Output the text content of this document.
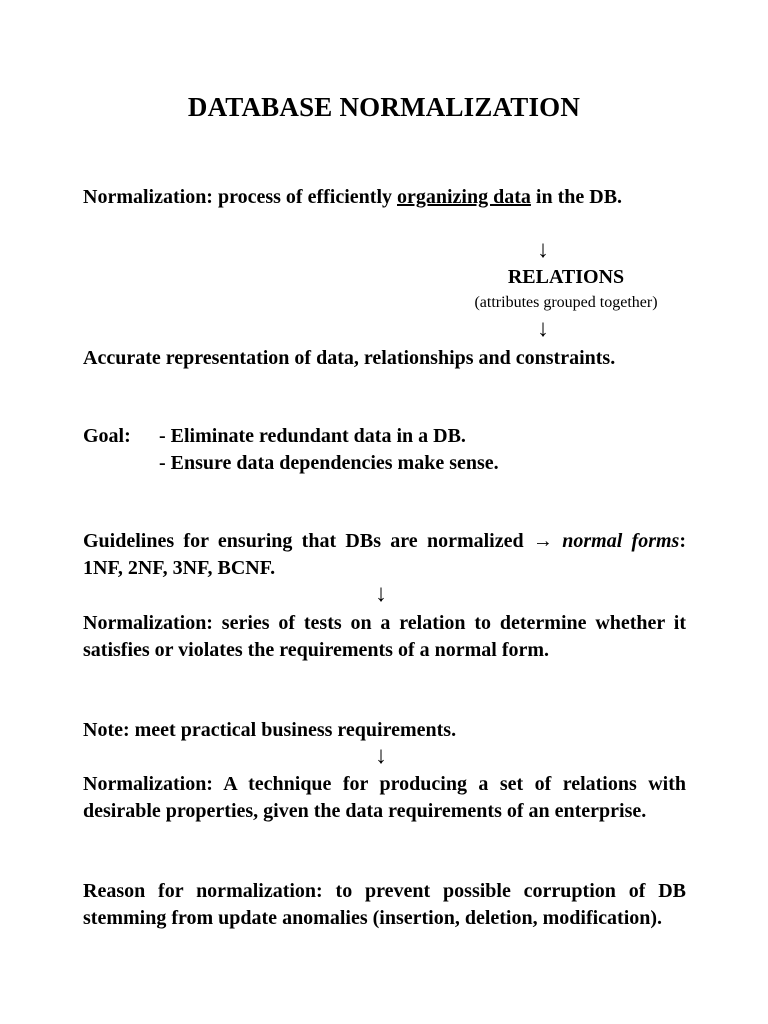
DATABASE NORMALIZATION
Normalization: process of efficiently organizing data in the DB.
↓
RELATIONS
(attributes grouped together)
↓
Accurate representation of data, relationships and constraints.
Goal: - Eliminate redundant data in a DB.
- Ensure data dependencies make sense.
Guidelines for ensuring that DBs are normalized → normal forms: 1NF, 2NF, 3NF, BCNF.
↓
Normalization: series of tests on a relation to determine whether it satisfies or violates the requirements of a normal form.
Note: meet practical business requirements.
↓
Normalization: A technique for producing a set of relations with desirable properties, given the data requirements of an enterprise.
Reason for normalization: to prevent possible corruption of DB stemming from update anomalies (insertion, deletion, modification).
